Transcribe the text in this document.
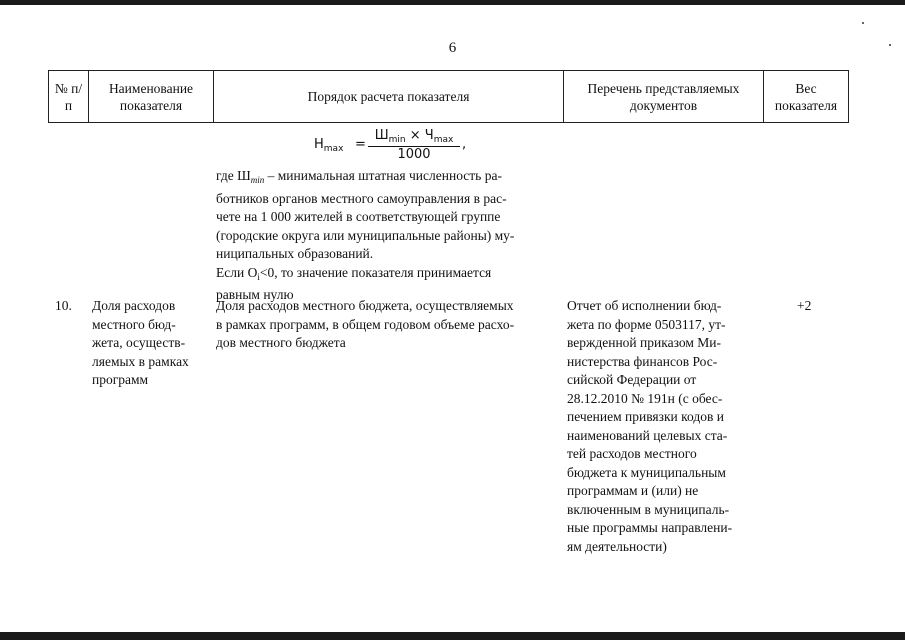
6
№ п/п
Наименование показателя
Порядок расчета показателя
Перечень представляемых документов
Вес показателя
$H_{max}$ =
$Ш_{min} \times Ч_{max}$
1000
,
где $Ш_{min}$ – минимальная штатная численность ра-
ботников органов местного самоуправления в рас-
чете на 1 000 жителей в соответствующей группе
(городские округа или муниципальные районы) му-
ниципальных образований.
Если $O_i<0$, то значение показателя принимается
равным нулю
10. Доля расходов
местного бюд-
жета, осуществ-
ляемых в рамках
программ
Доля расходов местного бюджета, осуществляемых
в рамках программ, в общем годовом объеме расхо-
дов местного бюджета
Отчет об исполнении бюд-
жета по форме 0503117, ут-
вержденной приказом Ми-
нистерства финансов Рос-
сийской Федерации от
28.12.2010 № 191н (с обес-
печением привязки кодов и
наименований целевых ста-
тей расходов местного
бюджета к муниципальным
программам и (или) не
включенным в муниципаль-
ные программы направлени-
ям деятельности)
+2
